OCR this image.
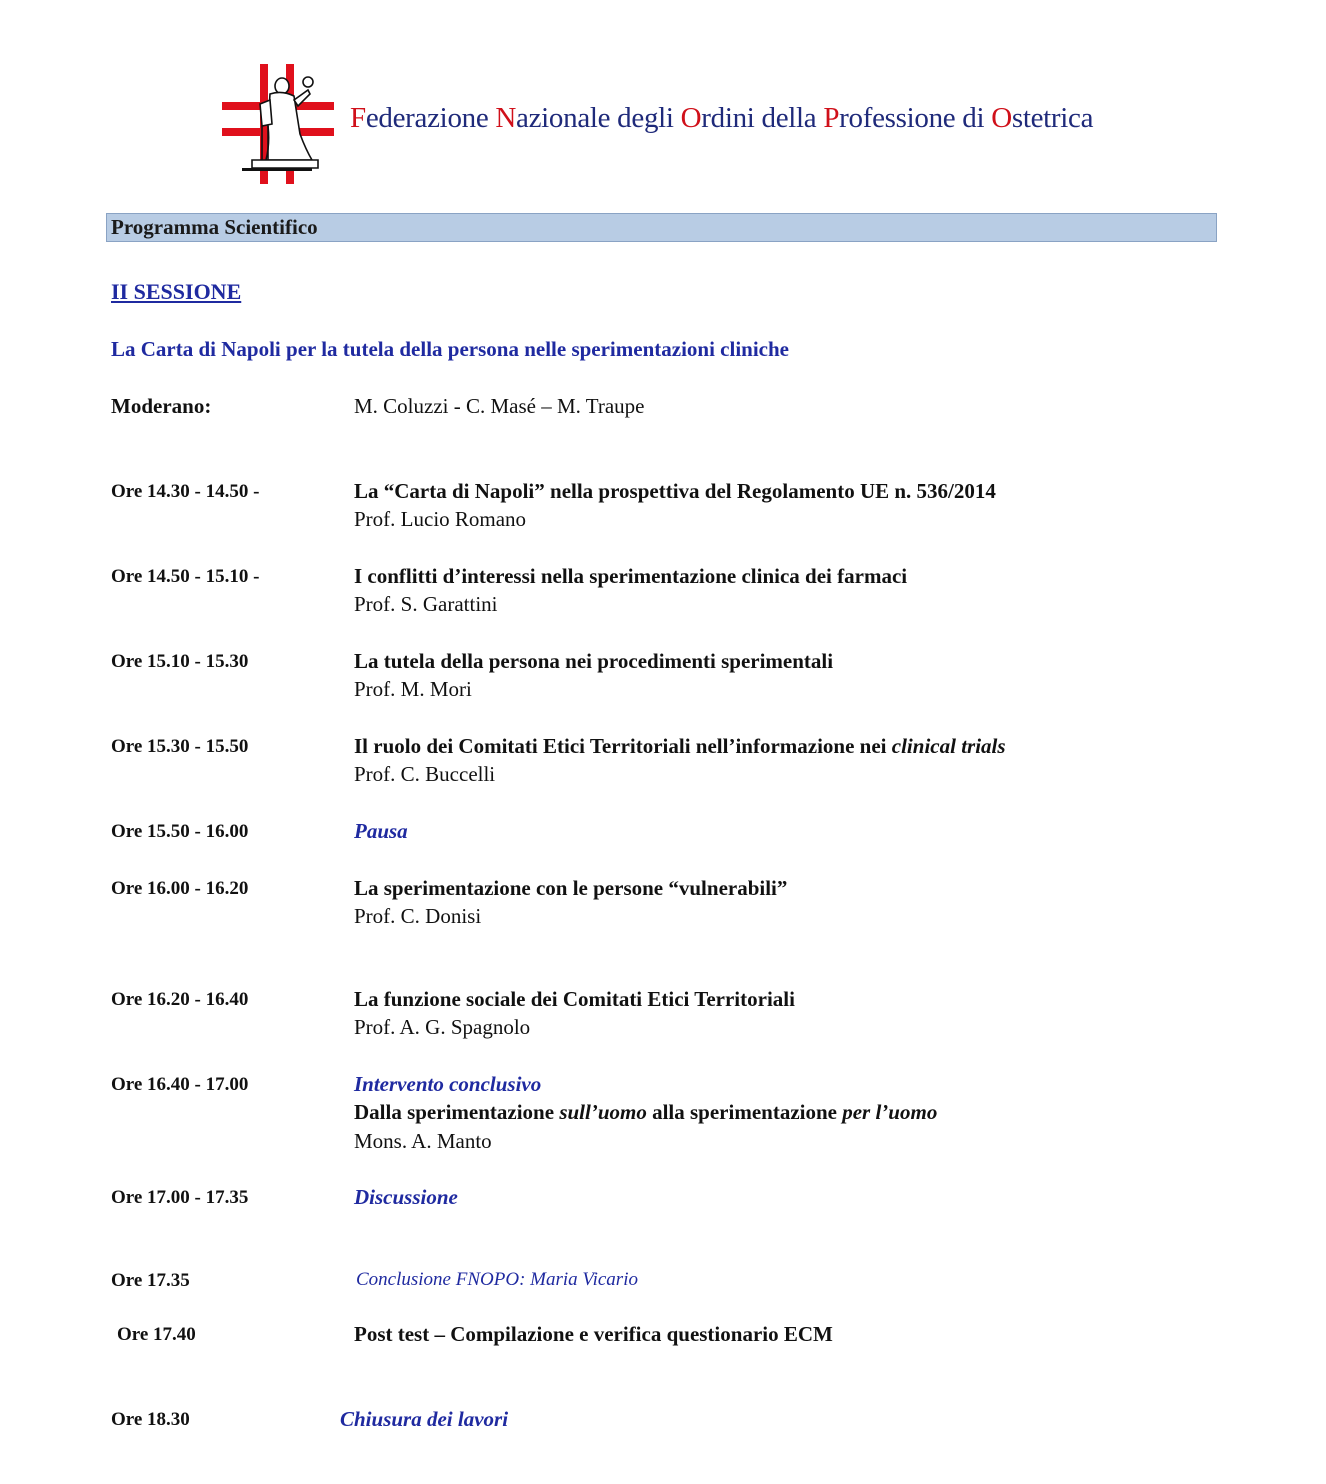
Federazione Nazionale degli Ordini della Professione di Ostetrica
Programma Scientifico
II SESSIONE
La Carta di Napoli per la tutela della persona nelle sperimentazioni cliniche
Moderano:	M. Coluzzi - C. Masé – M. Traupe
Ore 14.30 - 14.50 -	La “Carta di Napoli” nella prospettiva del Regolamento UE n. 536/2014
Prof. Lucio Romano
Ore 14.50 - 15.10 -	I conflitti d’interessi nella sperimentazione clinica dei farmaci
Prof. S. Garattini
Ore 15.10 - 15.30	La tutela della persona nei procedimenti sperimentali
Prof. M. Mori
Ore 15.30 - 15.50	Il ruolo dei Comitati Etici Territoriali nell’informazione nei clinical trials
Prof. C. Buccelli
Ore 15.50 - 16.00	Pausa
Ore 16.00 - 16.20	La sperimentazione con le persone “vulnerabili”
Prof. C. Donisi
Ore 16.20 - 16.40	La funzione sociale dei Comitati Etici Territoriali
Prof. A. G. Spagnolo
Ore 16.40 - 17.00	Intervento conclusivo
Dalla sperimentazione sull’uomo alla sperimentazione per l’uomo
Mons. A. Manto
Ore 17.00 - 17.35	Discussione
Ore 17.35	Conclusione FNOPO: Maria Vicario
Ore 17.40	Post test – Compilazione e verifica questionario ECM
Ore 18.30	Chiusura dei lavori
